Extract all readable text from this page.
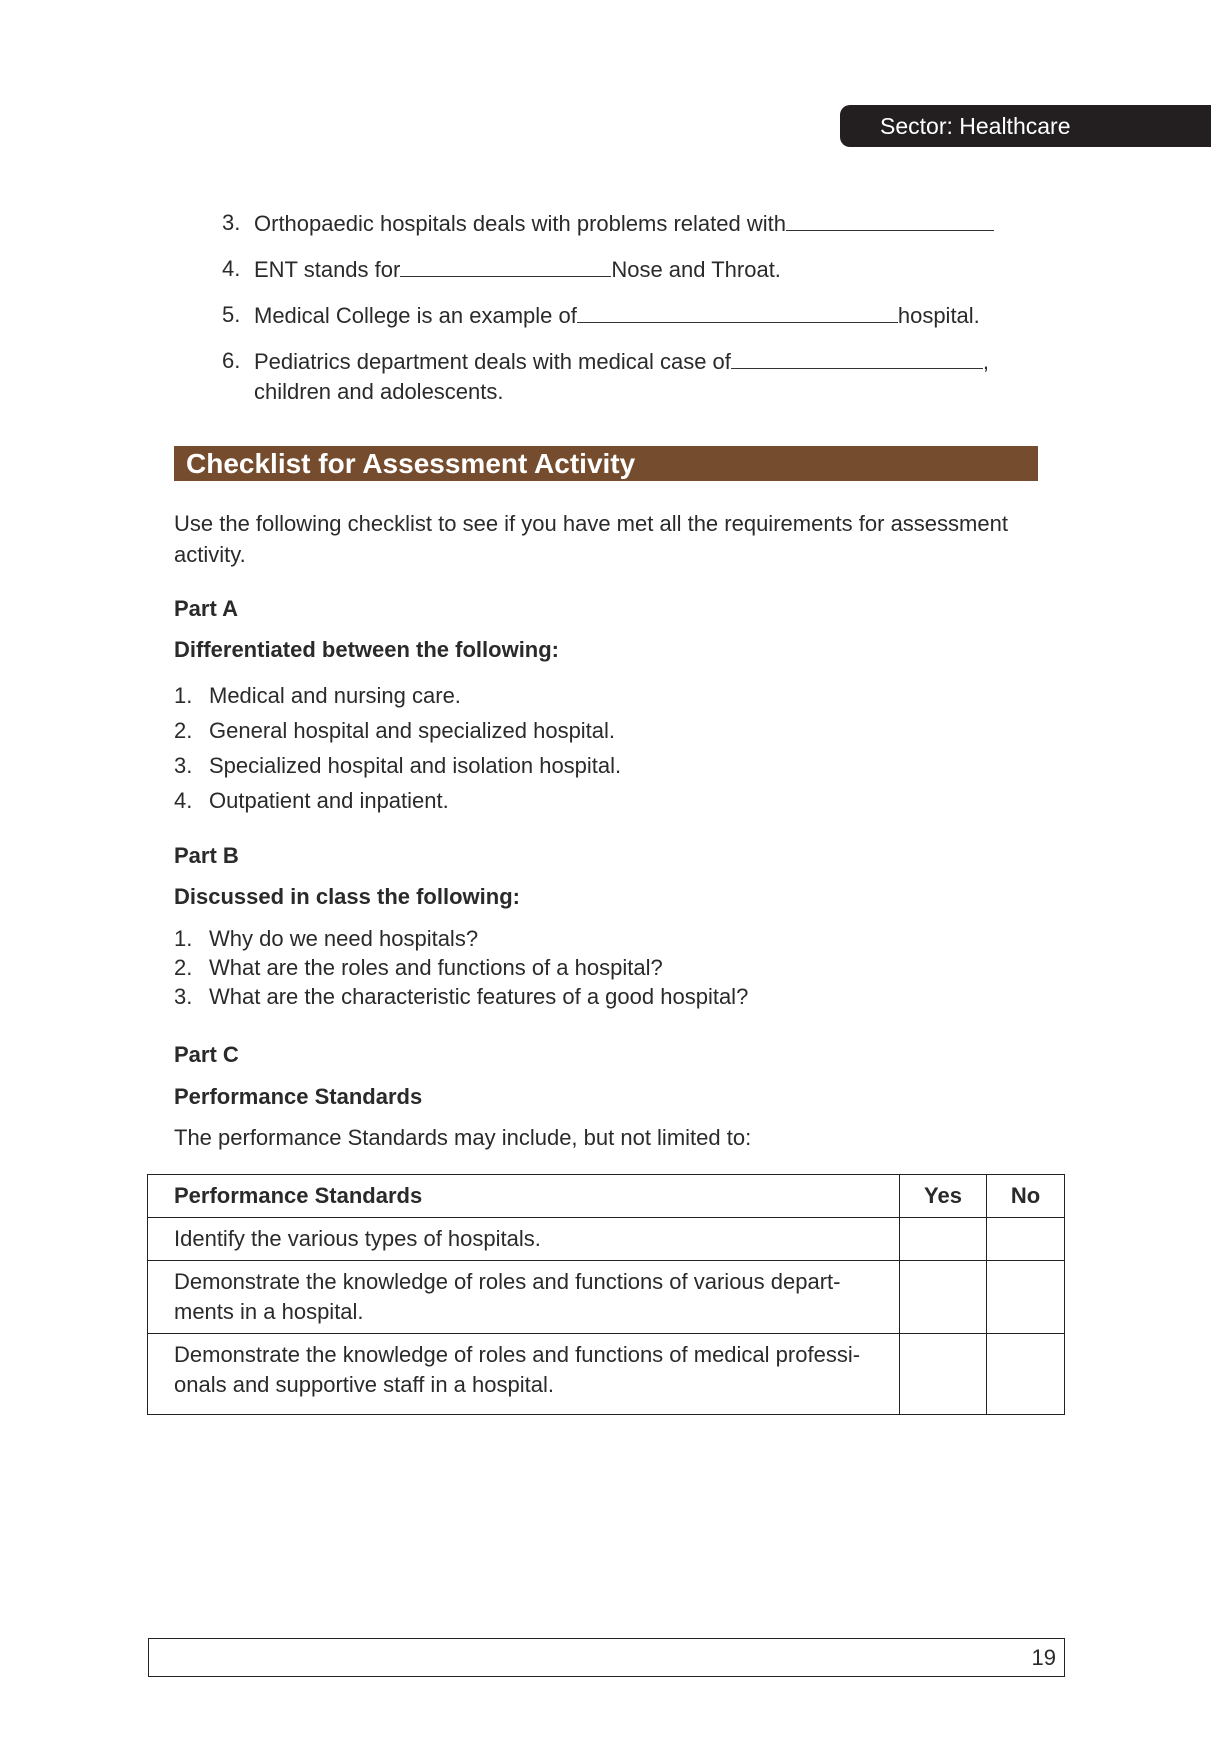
Sector: Healthcare
3. Orthopaedic hospitals deals with problems related with
4. ENT stands for	Nose and Throat.
5. Medical College is an example of	hospital.
6. Pediatrics department deals with medical case of	,
children and adolescents.
Checklist for Assessment Activity
Use the following checklist to see if you have met all the requirements for assessment activity.
Part A
Differentiated between the following:
1. Medical and nursing care.
2. General hospital and specialized hospital.
3. Specialized hospital and isolation hospital.
4. Outpatient and inpatient.
Part B
Discussed in class the following:
1. Why do we need hospitals?
2. What are the roles and functions of a hospital?
3. What are the characteristic features of a good hospital?
Part C
Performance Standards
The performance Standards may include, but not limited to:
Performance Standards	Yes	No
Identify the various types of hospitals.		
Demonstrate the knowledge of roles and functions of various depart-ments in a hospital.		
Demonstrate the knowledge of roles and functions of medical professi-onals and supportive staff in a hospital.		
19
